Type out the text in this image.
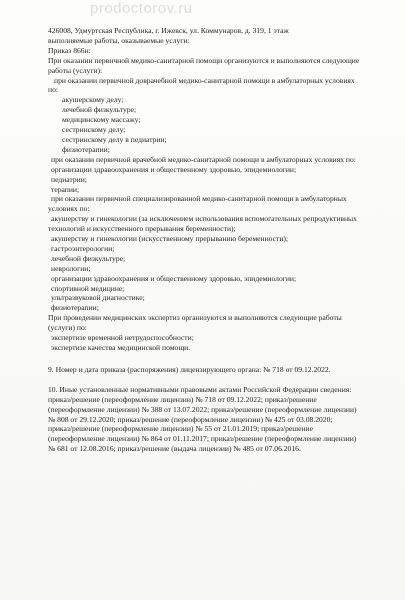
prodoctorov.ru
426008, Удмуртская Республика, г. Ижевск, ул. Коммунаров, д. 319, 1 этаж
выполняемые работы, оказываемые услуги:
Приказ 866н:
При оказании первичной медико-санитарной помощи организуются и выполняются следующие
работы (услуги):
при оказании первичной доврачебной медико-санитарной помощи в амбулаторных условиях
по:
акушерскому делу;
лечебной физкультуре;
медицинскому массажу;
сестринскому делу;
сестринскому делу в педиатрии;
физиотерапии;
при оказании первичной врачебной медико-санитарной помощи в амбулаторных условиях по:
организации здравоохранения и общественному здоровью, эпидемиологии;
педиатрии;
терапии;
при оказании первичной специализированной медико-санитарной помощи в амбулаторных
условиях по:
акушерству и гинекологии (за исключением использования вспомогательных репродуктивных
технологий и искусственного прерывания беременности);
акушерству и гинекологии (искусственному прерыванию беременности);
гастроэнтерологии;
лечебной физкультуре;
неврологии;
организации здравоохранения и общественному здоровью, эпидемиологии;
спортивной медицине;
ультразвуковой диагностике;
физиотерапии;
При проведении медицинских экспертиз организуются и выполняются следующие работы
(услуги) по:
экспертизе временной нетрудоспособности;
экспертизе качества медицинской помощи.
9. Номер и дата приказа (распоряжения) лицензирующего органа: № 718 от 09.12.2022.
10. Иные установленные нормативными правовыми актами Российской Федерации сведения:
приказ/решение (переоформление лицензии) № 718 от 09.12.2022; приказ/решение
(переоформление лицензии) № 388 от 13.07.2022; приказ/решение (переоформление лицензии)
№ 808 от 29.12.2020; приказ/решение (переоформление лицензии) № 425 от 03.08.2020;
приказ/решение (переоформление лицензии) № 55 от 21.01.2019; приказ/решение
(переоформление лицензии) № 864 от 01.11.2017; приказ/решение (переоформление лицензии)
№ 681 от 12.08.2016; приказ/решение (выдача лицензии) № 485 от 07.06.2016.
